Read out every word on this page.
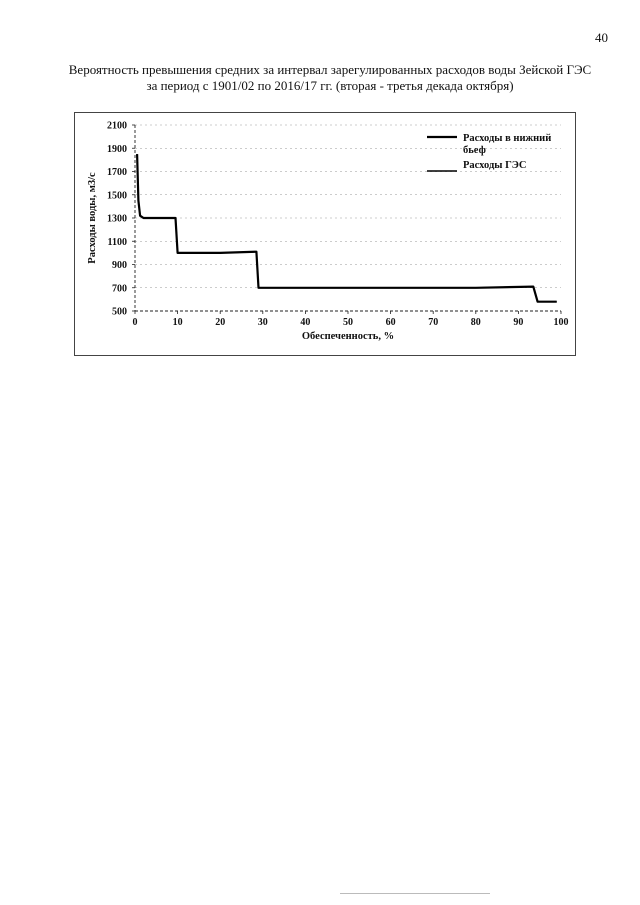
40
Вероятность превышения средних за интервал зарегулированных расходов воды Зейской ГЭС
за период с 1901/02 по 2016/17 гг. (вторая - третья декада октября)
500
700
900
1100
1300
1500
1700
1900
2100
0	10	20	30	40	50	60	70	80	90	100
Расходы в нижний
бьеф
Расходы ГЭС
Обеспеченность, %
Расходы воды, м3/с
